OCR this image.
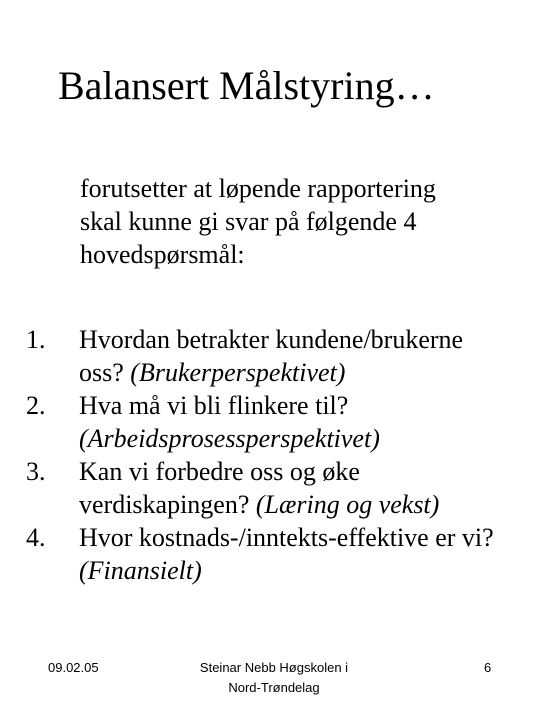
Balansert Målstyring…
forutsetter at løpende rapportering
skal kunne gi svar på følgende 4
hovedspørsmål:
1. Hvordan betrakter kundene/brukerne
oss? (Brukerperspektivet)
2. Hva må vi bli flinkere til?
(Arbeidsprosessperspektivet)
3. Kan vi forbedre oss og øke
verdiskapingen? (Læring og vekst)
4. Hvor kostnads-/inntekts-effektive er vi?
(Finansielt)
09.02.05	Steinar Nebb Høgskolen i
Nord-Trøndelag
6
